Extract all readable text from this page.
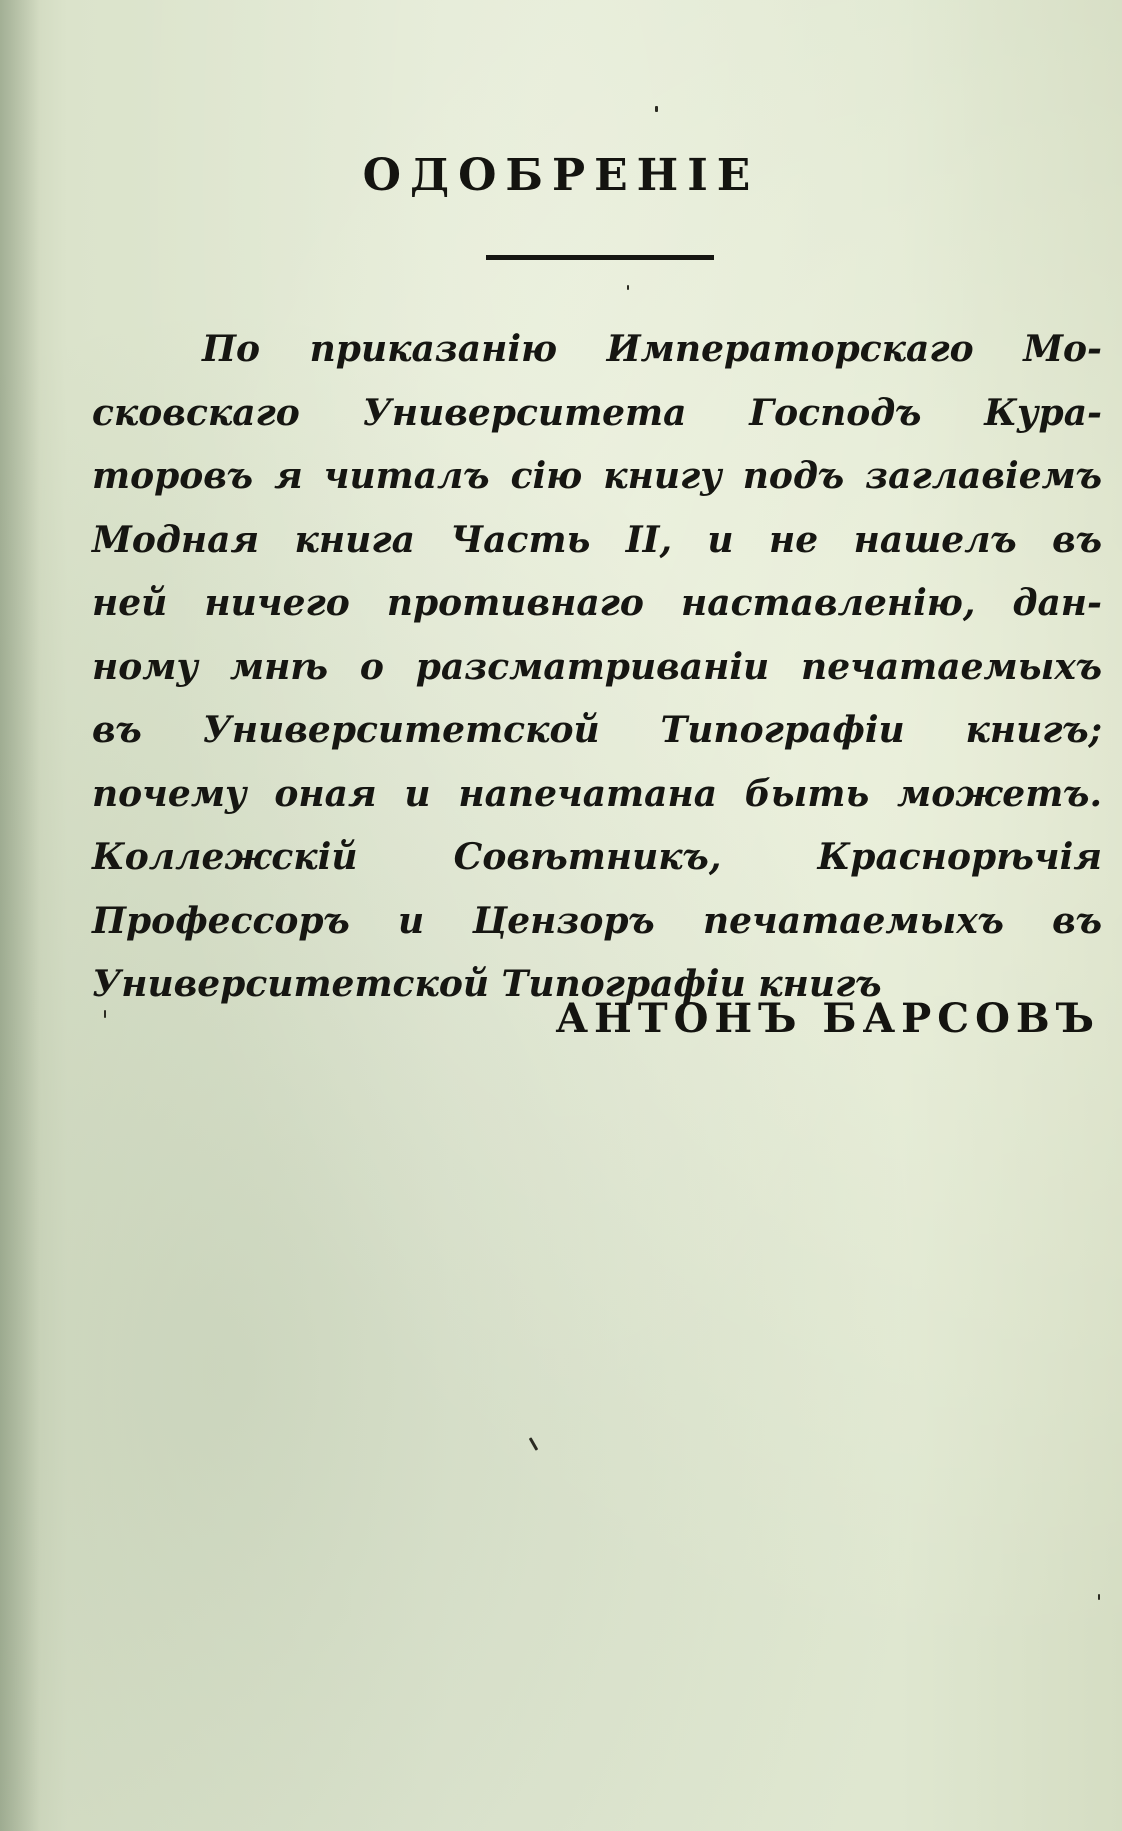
ОДОБРЕНIЕ
По приказанію Императорскаго Мо-
сковскаго Университета Господъ Кура-
торовъ я читалъ сію книгу подъ заглавіемъ
Модная книга Часть II, и не нашелъ въ
ней ничего противнаго наставленію, дан-
ному мнѣ о разсматриваніи печатаемыхъ
въ Университетской Типографіи книгъ;
почему оная и напечатана быть можетъ.
Коллежскій Совѣтникъ, Краснорѣчія
Профессоръ и Цензоръ печатаемыхъ въ
Университетской Типографіи книгъ
АНТОНЪ БАРСОВЪ
